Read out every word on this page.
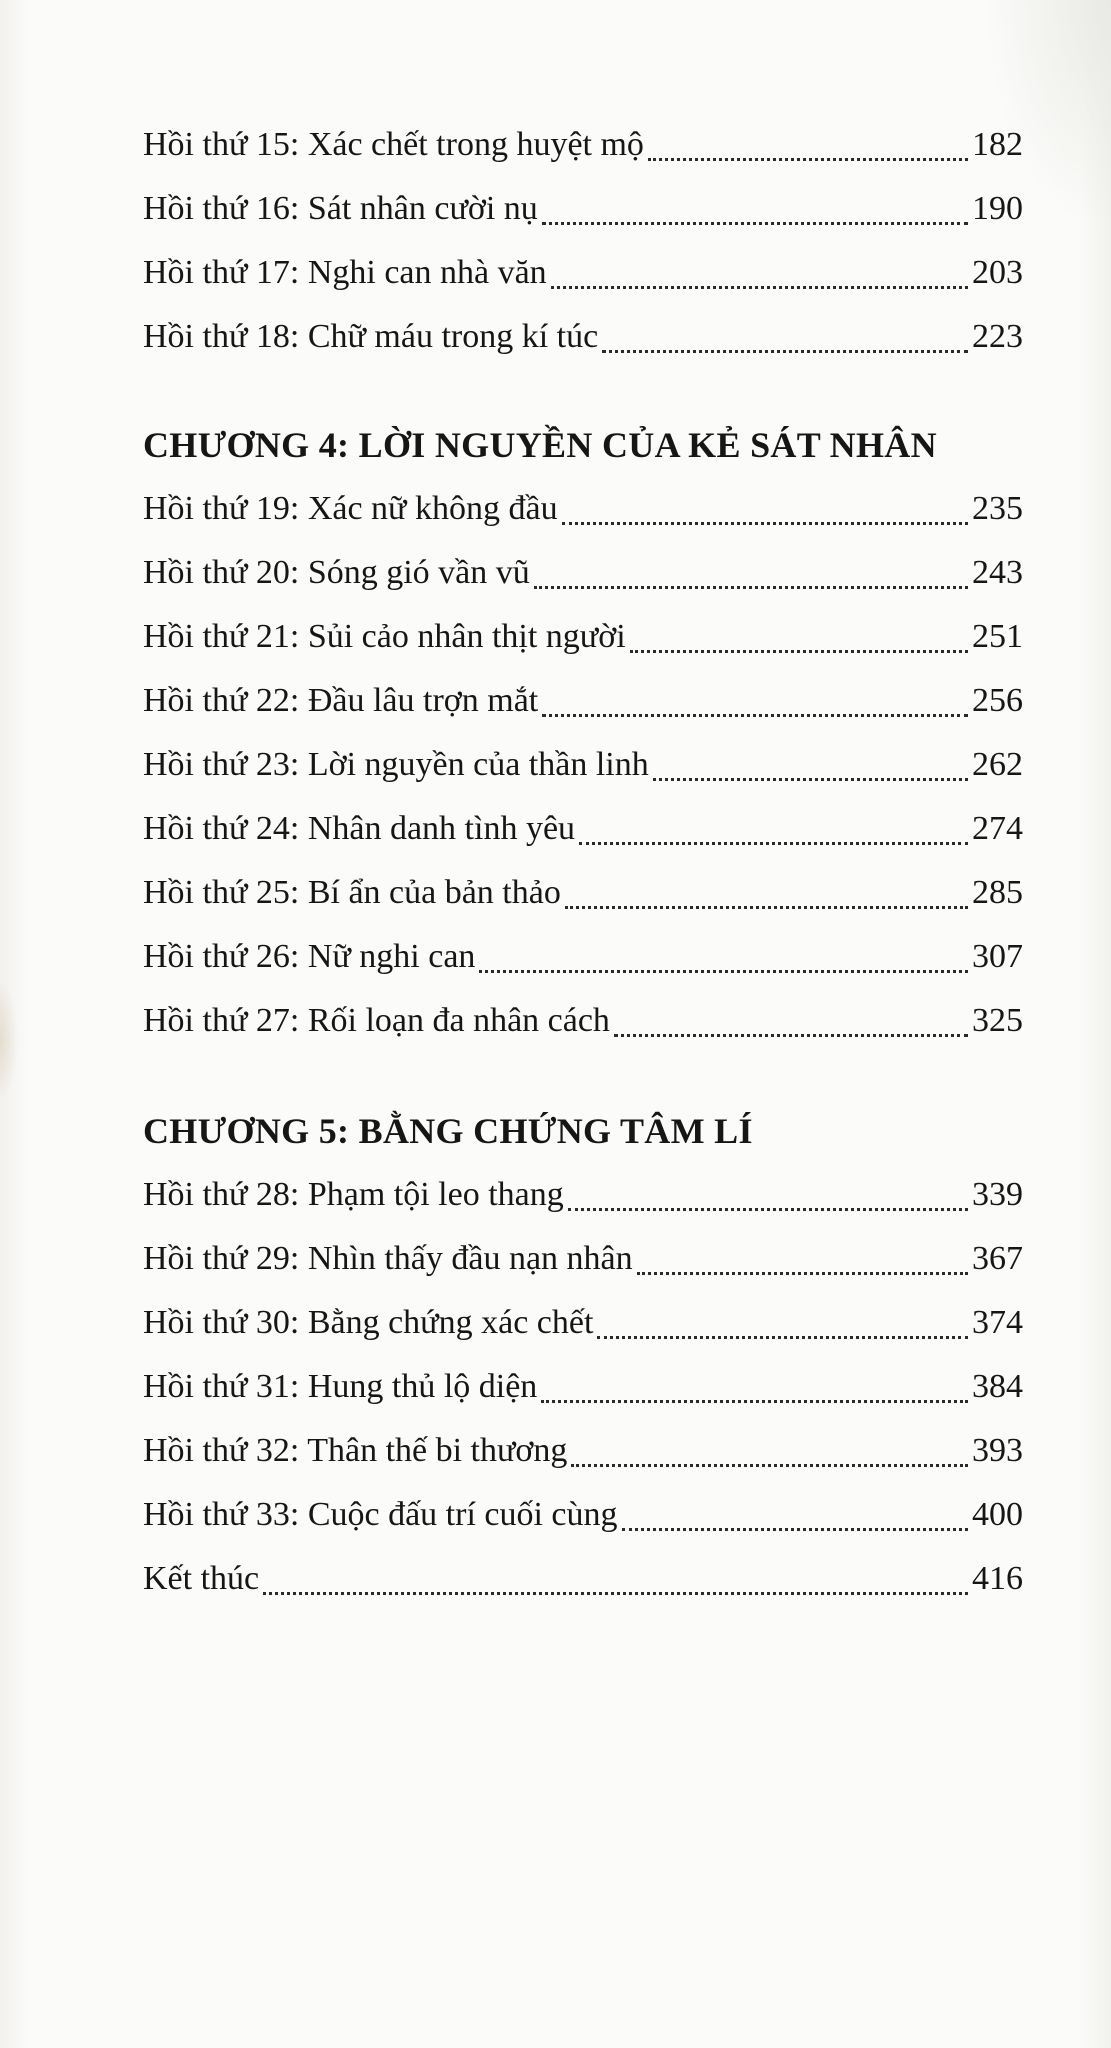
Hồi thứ 15: Xác chết trong huyệt mộ	182
Hồi thứ 16: Sát nhân cười nụ	190
Hồi thứ 17: Nghi can nhà văn	203
Hồi thứ 18: Chữ máu trong kí túc	223
CHƯƠNG 4: LỜI NGUYỀN CỦA KẺ SÁT NHÂN
Hồi thứ 19: Xác nữ không đầu	235
Hồi thứ 20: Sóng gió vần vũ	243
Hồi thứ 21: Sủi cảo nhân thịt người	251
Hồi thứ 22: Đầu lâu trợn mắt	256
Hồi thứ 23: Lời nguyền của thần linh	262
Hồi thứ 24: Nhân danh tình yêu	274
Hồi thứ 25: Bí ẩn của bản thảo	285
Hồi thứ 26: Nữ nghi can	307
Hồi thứ 27: Rối loạn đa nhân cách	325
CHƯƠNG 5: BẰNG CHỨNG TÂM LÍ
Hồi thứ 28: Phạm tội leo thang	339
Hồi thứ 29: Nhìn thấy đầu nạn nhân	367
Hồi thứ 30: Bằng chứng xác chết	374
Hồi thứ 31: Hung thủ lộ diện	384
Hồi thứ 32: Thân thế bi thương	393
Hồi thứ 33: Cuộc đấu trí cuối cùng	400
Kết thúc	416
